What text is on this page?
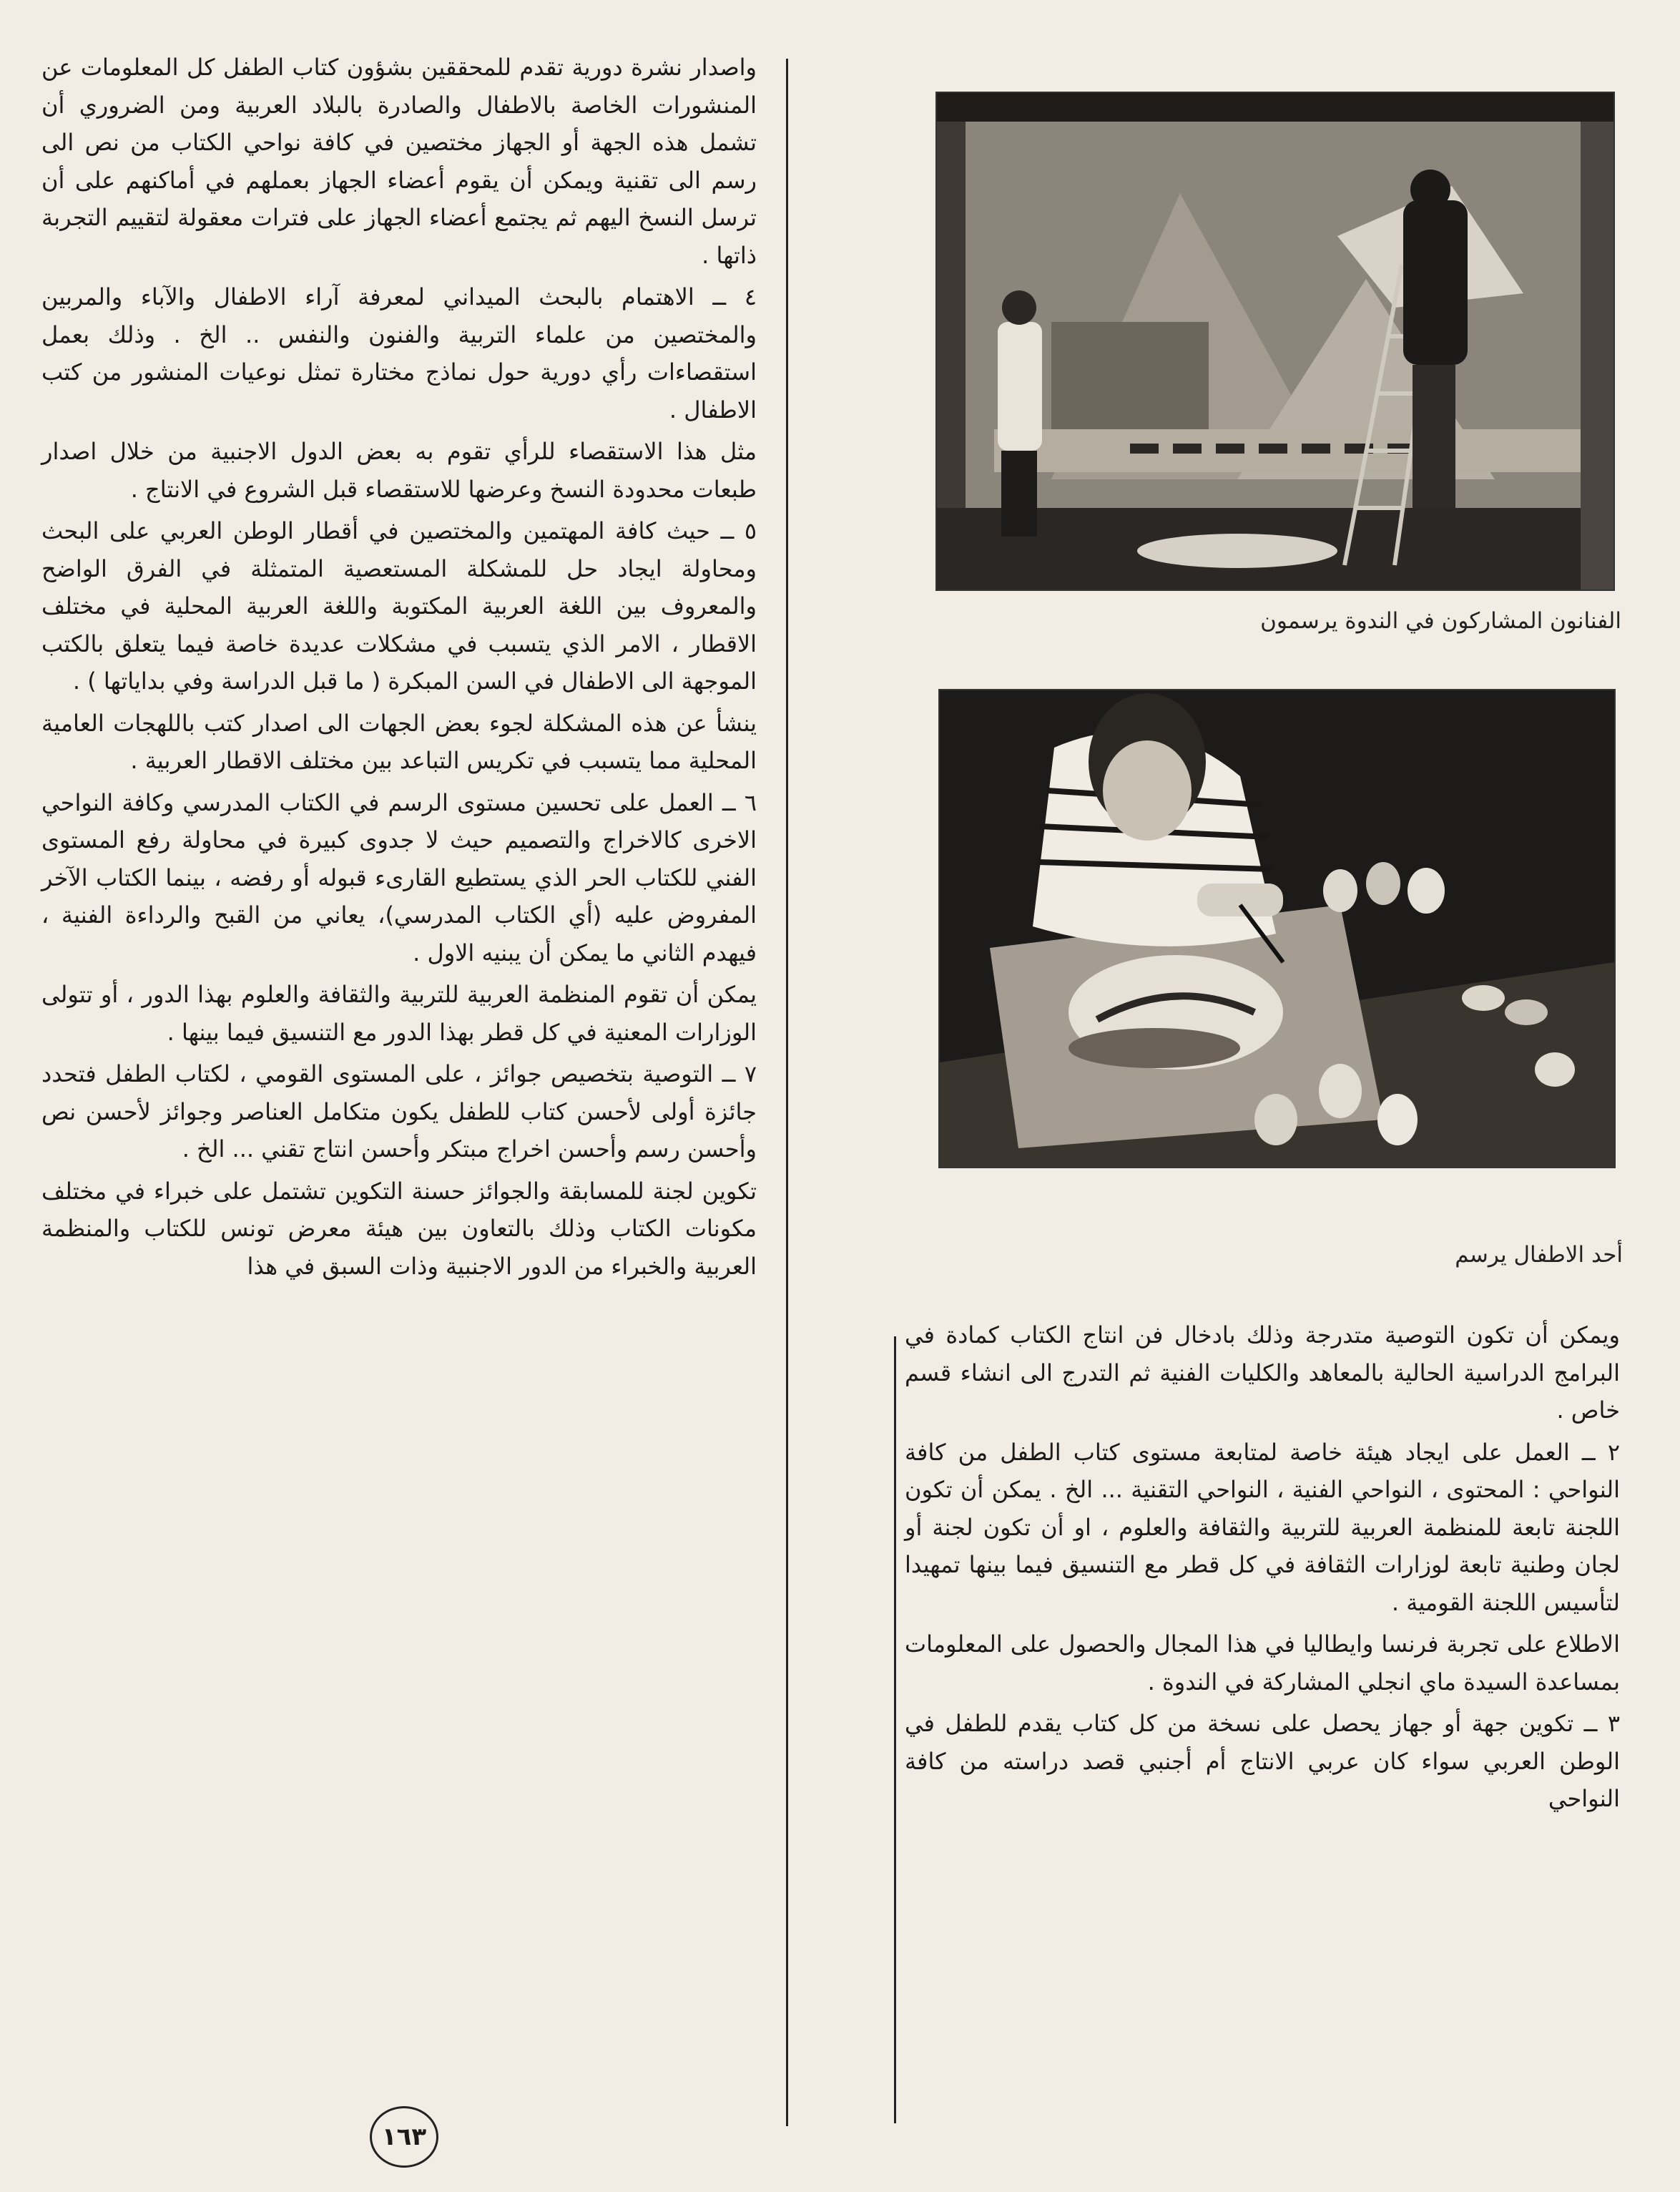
واصدار نشرة دورية تقدم للمحققين بشؤون كتاب الطفل كل المعلومات عن المنشورات الخاصة بالاطفال والصادرة بالبلاد العربية ومن الضروري أن تشمل هذه الجهة أو الجهاز مختصين في كافة نواحي الكتاب من نص الى رسم الى تقنية ويمكن أن يقوم أعضاء الجهاز بعملهم في أماكنهم على أن ترسل النسخ اليهم ثم يجتمع أعضاء الجهاز على فترات معقولة لتقييم التجربة ذاتها .

٤ ــ الاهتمام بالبحث الميداني لمعرفة آراء الاطفال والآباء والمربين والمختصين من علماء التربية والفنون والنفس .. الخ . وذلك بعمل استقصاءات رأي دورية حول نماذج مختارة تمثل نوعيات المنشور من كتب الاطفال .

مثل هذا الاستقصاء للرأي تقوم به بعض الدول الاجنبية من خلال اصدار طبعات محدودة النسخ وعرضها للاستقصاء قبل الشروع في الانتاج .

٥ ــ حيث كافة المهتمين والمختصين في أقطار الوطن العربي على البحث ومحاولة ايجاد حل للمشكلة المستعصية المتمثلة في الفرق الواضح والمعروف بين اللغة العربية المكتوبة واللغة العربية المحلية في مختلف الاقطار ، الامر الذي يتسبب في مشكلات عديدة خاصة فيما يتعلق بالكتب الموجهة الى الاطفال في السن المبكرة ( ما قبل الدراسة وفي بداياتها ) .

ينشأ عن هذه المشكلة لجوء بعض الجهات الى اصدار كتب باللهجات العامية المحلية مما يتسبب في تكريس التباعد بين مختلف الاقطار العربية .

٦ ــ العمل على تحسين مستوى الرسم في الكتاب المدرسي وكافة النواحي الاخرى كالاخراج والتصميم حيث لا جدوى كبيرة في محاولة رفع المستوى الفني للكتاب الحر الذي يستطيع القارىء قبوله أو رفضه ، بينما الكتاب الآخر المفروض عليه (أي الكتاب المدرسي)، يعاني من القبح والرداءة الفنية ، فيهدم الثاني ما يمكن أن يبنيه الاول .

يمكن أن تقوم المنظمة العربية للتربية والثقافة والعلوم بهذا الدور ، أو تتولى الوزارات المعنية في كل قطر بهذا الدور مع التنسيق فيما بينها .

٧ ــ التوصية بتخصيص جوائز ، على المستوى القومي ، لكتاب الطفل فتحدد جائزة أولى لأحسن كتاب للطفل يكون متكامل العناصر وجوائز لأحسن نص وأحسن رسم وأحسن اخراج مبتكر وأحسن انتاج تقني ... الخ .

تكوين لجنة للمسابقة والجوائز حسنة التكوين تشتمل على خبراء في مختلف مكونات الكتاب وذلك بالتعاون بين هيئة معرض تونس للكتاب والمنظمة العربية والخبراء من الدور الاجنبية وذات السبق في هذا

الفنانون المشاركون في الندوة يرسمون
أحد الاطفال يرسم

ويمكن أن تكون التوصية متدرجة وذلك بادخال فن انتاج الكتاب كمادة في البرامج الدراسية الحالية بالمعاهد والكليات الفنية ثم التدرج الى انشاء قسم خاص .

٢ ــ العمل على ايجاد هيئة خاصة لمتابعة مستوى كتاب الطفل من كافة النواحي : المحتوى ، النواحي الفنية ، النواحي التقنية ... الخ . يمكن أن تكون اللجنة تابعة للمنظمة العربية للتربية والثقافة والعلوم ، او أن تكون لجنة أو لجان وطنية تابعة لوزارات الثقافة في كل قطر مع التنسيق فيما بينها تمهيدا لتأسيس اللجنة القومية .

الاطلاع على تجربة فرنسا وايطاليا في هذا المجال والحصول على المعلومات بمساعدة السيدة ماي انجلي المشاركة في الندوة .

٣ ــ تكوين جهة أو جهاز يحصل على نسخة من كل كتاب يقدم للطفل في الوطن العربي سواء كان عربي الانتاج أم أجنبي قصد دراسته من كافة النواحي

١٦٣
